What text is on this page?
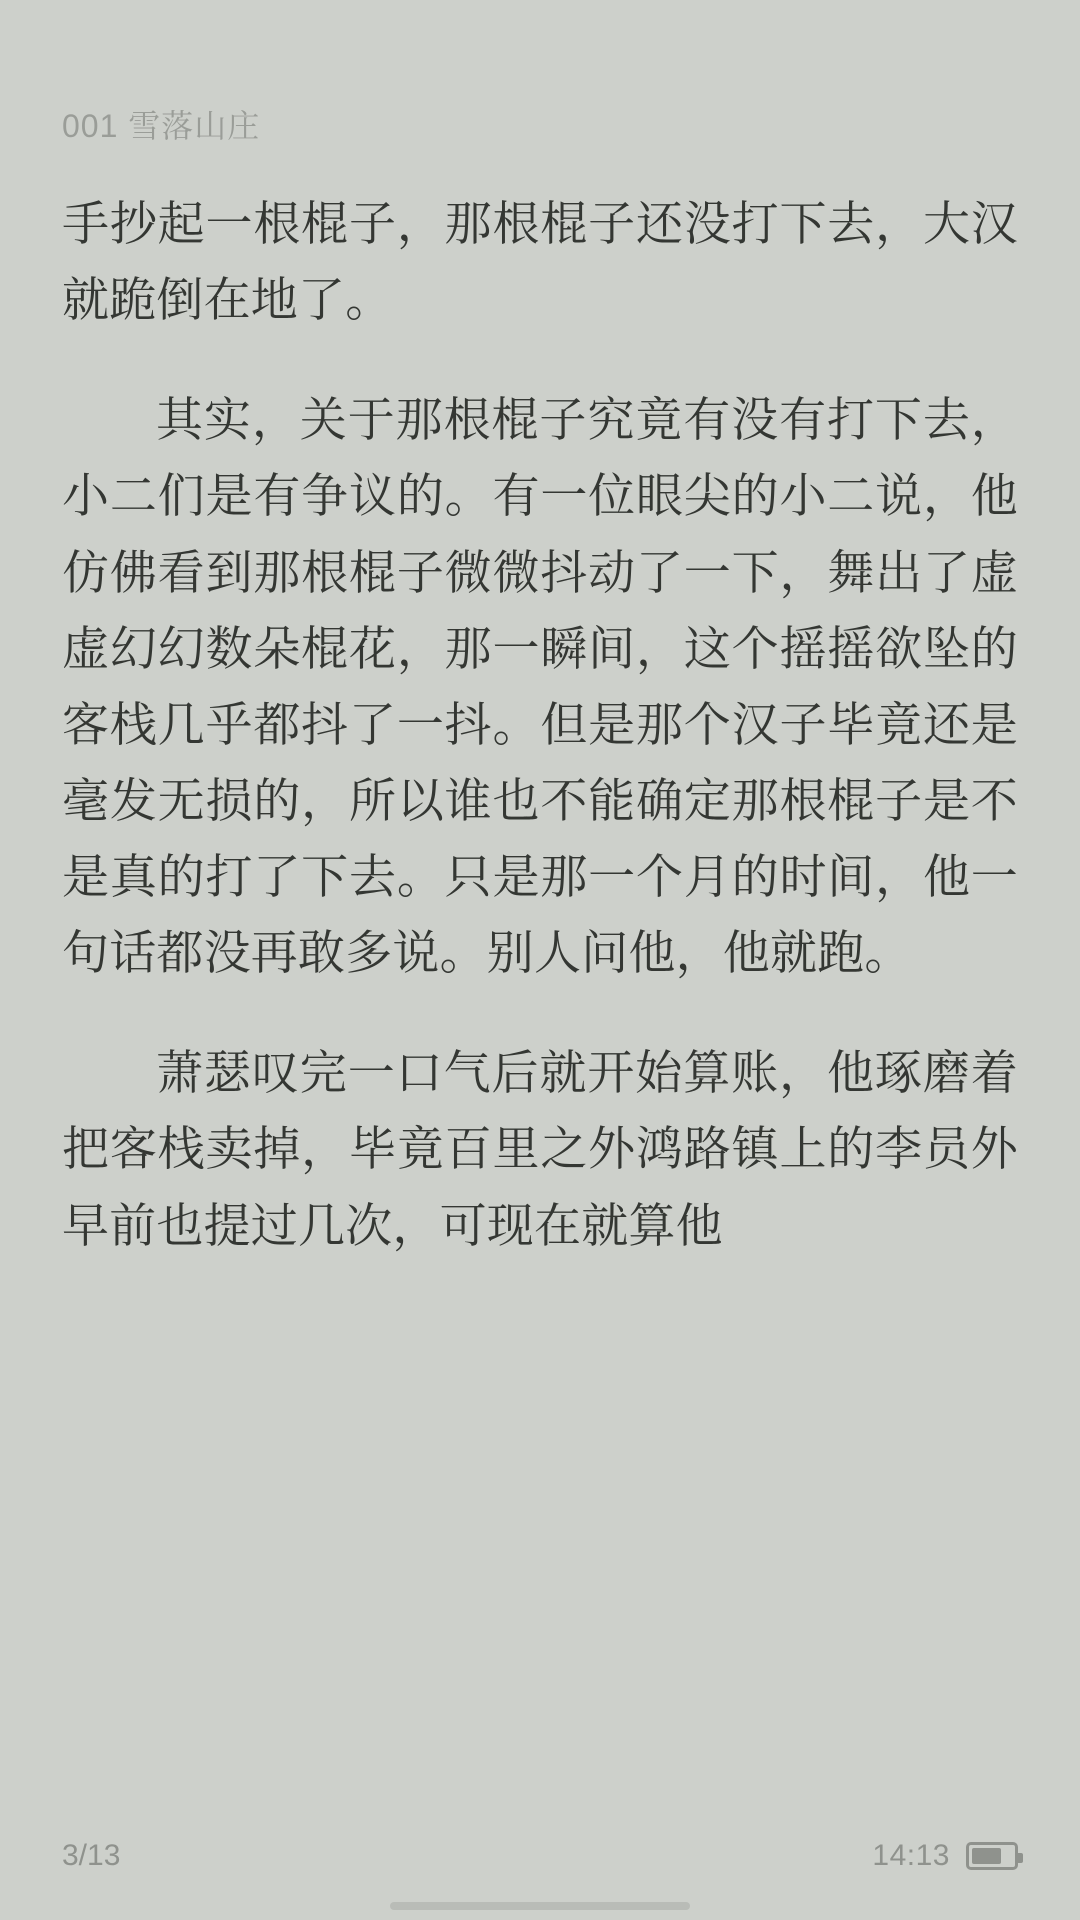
001 雪落山庄

手抄起一根棍子，那根棍子还没打下去，大汉就跪倒在地了。

其实，关于那根棍子究竟有没有打下去，小二们是有争议的。有一位眼尖的小二说，他仿佛看到那根棍子微微抖动了一下，舞出了虚虚幻幻数朵棍花，那一瞬间，这个摇摇欲坠的客栈几乎都抖了一抖。但是那个汉子毕竟还是毫发无损的，所以谁也不能确定那根棍子是不是真的打了下去。只是那一个月的时间，他一句话都没再敢多说。别人问他，他就跑。

萧瑟叹完一口气后就开始算账，他琢磨着把客栈卖掉，毕竟百里之外鸿路镇上的李员外早前也提过几次，可现在就算他

3/13	14:13
